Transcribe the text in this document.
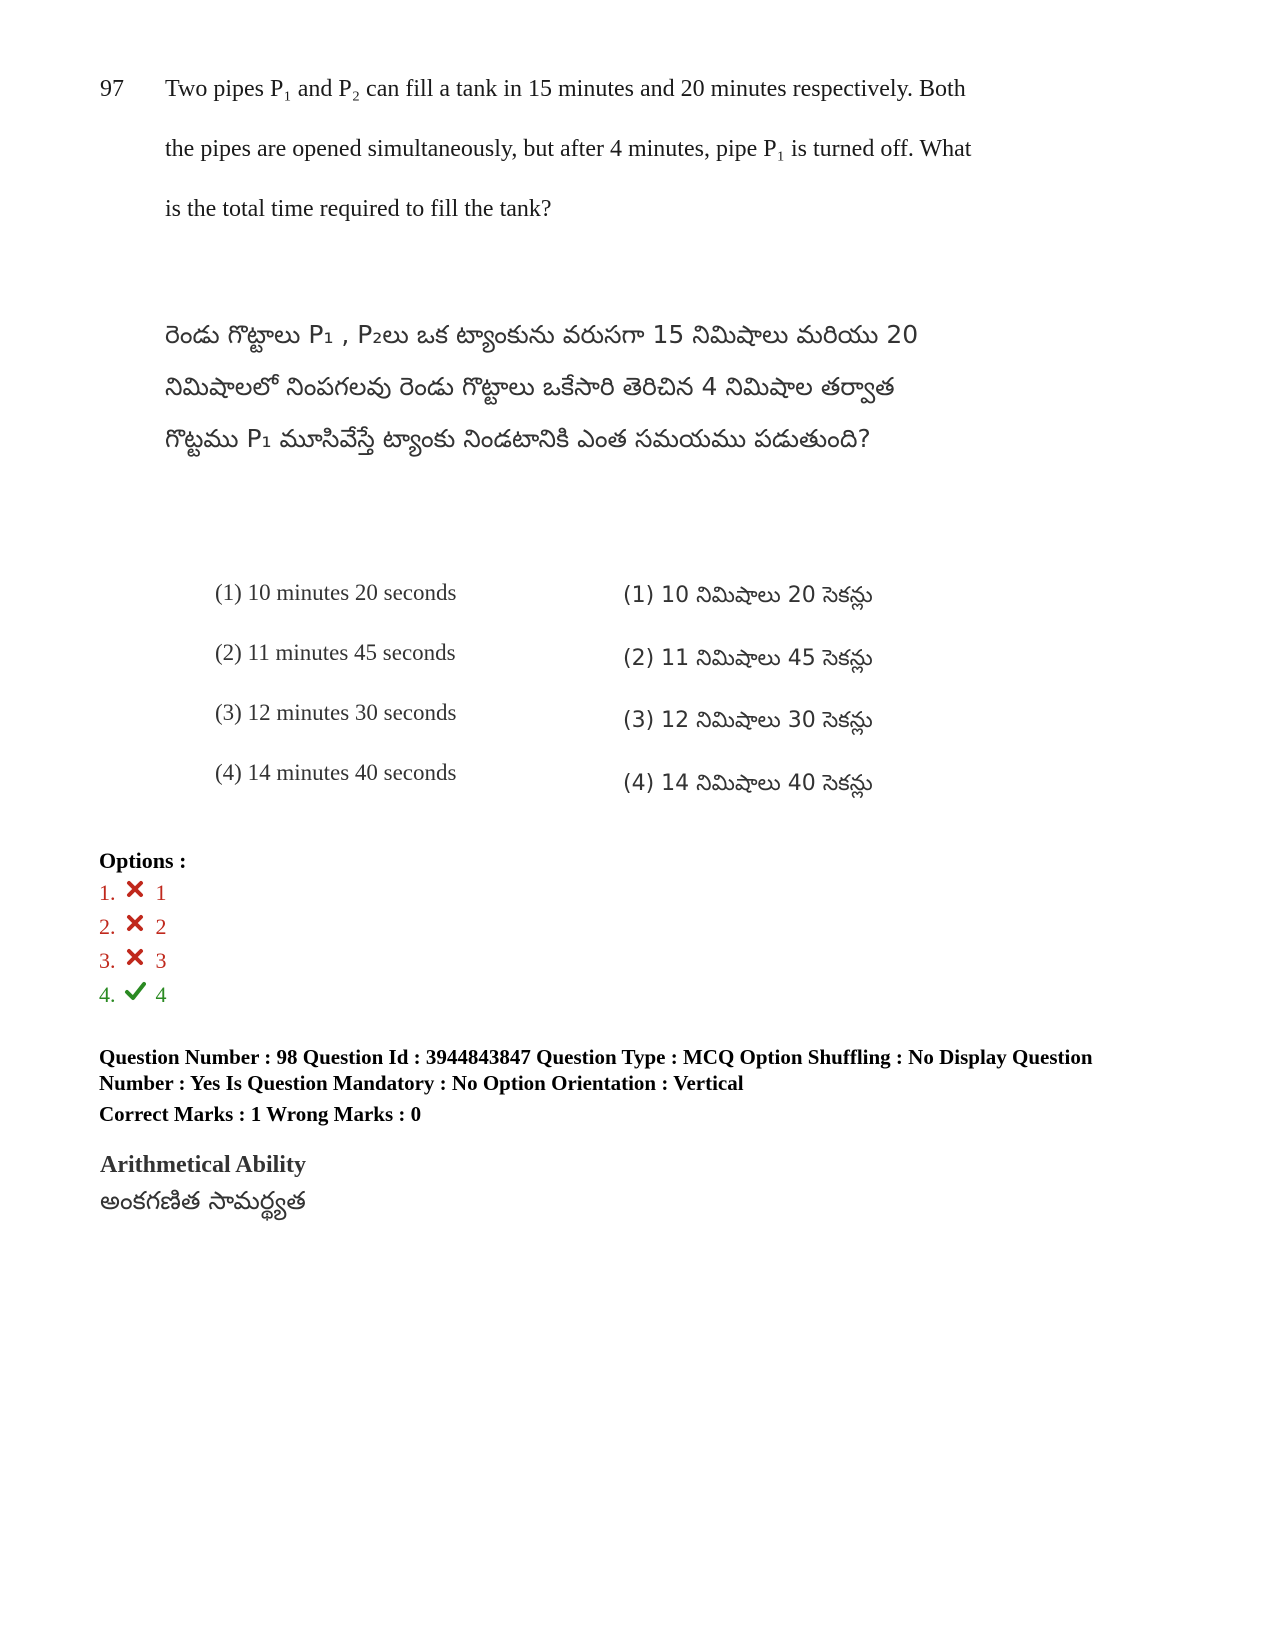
97 Two pipes P₁ and P₂ can fill a tank in 15 minutes and 20 minutes respectively. Both
the pipes are opened simultaneously, but after 4 minutes, pipe P₁ is turned off. What
is the total time required to fill the tank?
రెండు గొట్టాలు P₁ , P₂లు ఒక ట్యాంకును వరుసగా 15 నిమిషాలు మరియు 20
నిమిషాలలో నింపగలవు రెండు గొట్టాలు ఒకేసారి తెరిచిన 4 నిమిషాల తర్వాత
గొట్టము P₁ మూసివేస్తే ట్యాంకు నిండటానికి ఎంత సమయము పడుతుంది?
(1) 10 minutes 20 seconds
(2) 11 minutes 45 seconds
(3) 12 minutes 30 seconds
(4) 14 minutes 40 seconds
(1) 10 నిమిషాలు 20 సెకన్లు
(2) 11 నిమిషాలు 45 సెకన్లు
(3) 12 నిమిషాలు 30 సెకన్లు
(4) 14 నిమిషాలు 40 సెకన్లు
Options :
1. 1
2. 2
3. 3
4. 4
Question Number : 98 Question Id : 3944843847 Question Type : MCQ Option Shuffling : No Display Question
Number : Yes Is Question Mandatory : No Option Orientation : Vertical
Correct Marks : 1 Wrong Marks : 0
Arithmetical Ability
అంకగణిత సామర్థ్యత
